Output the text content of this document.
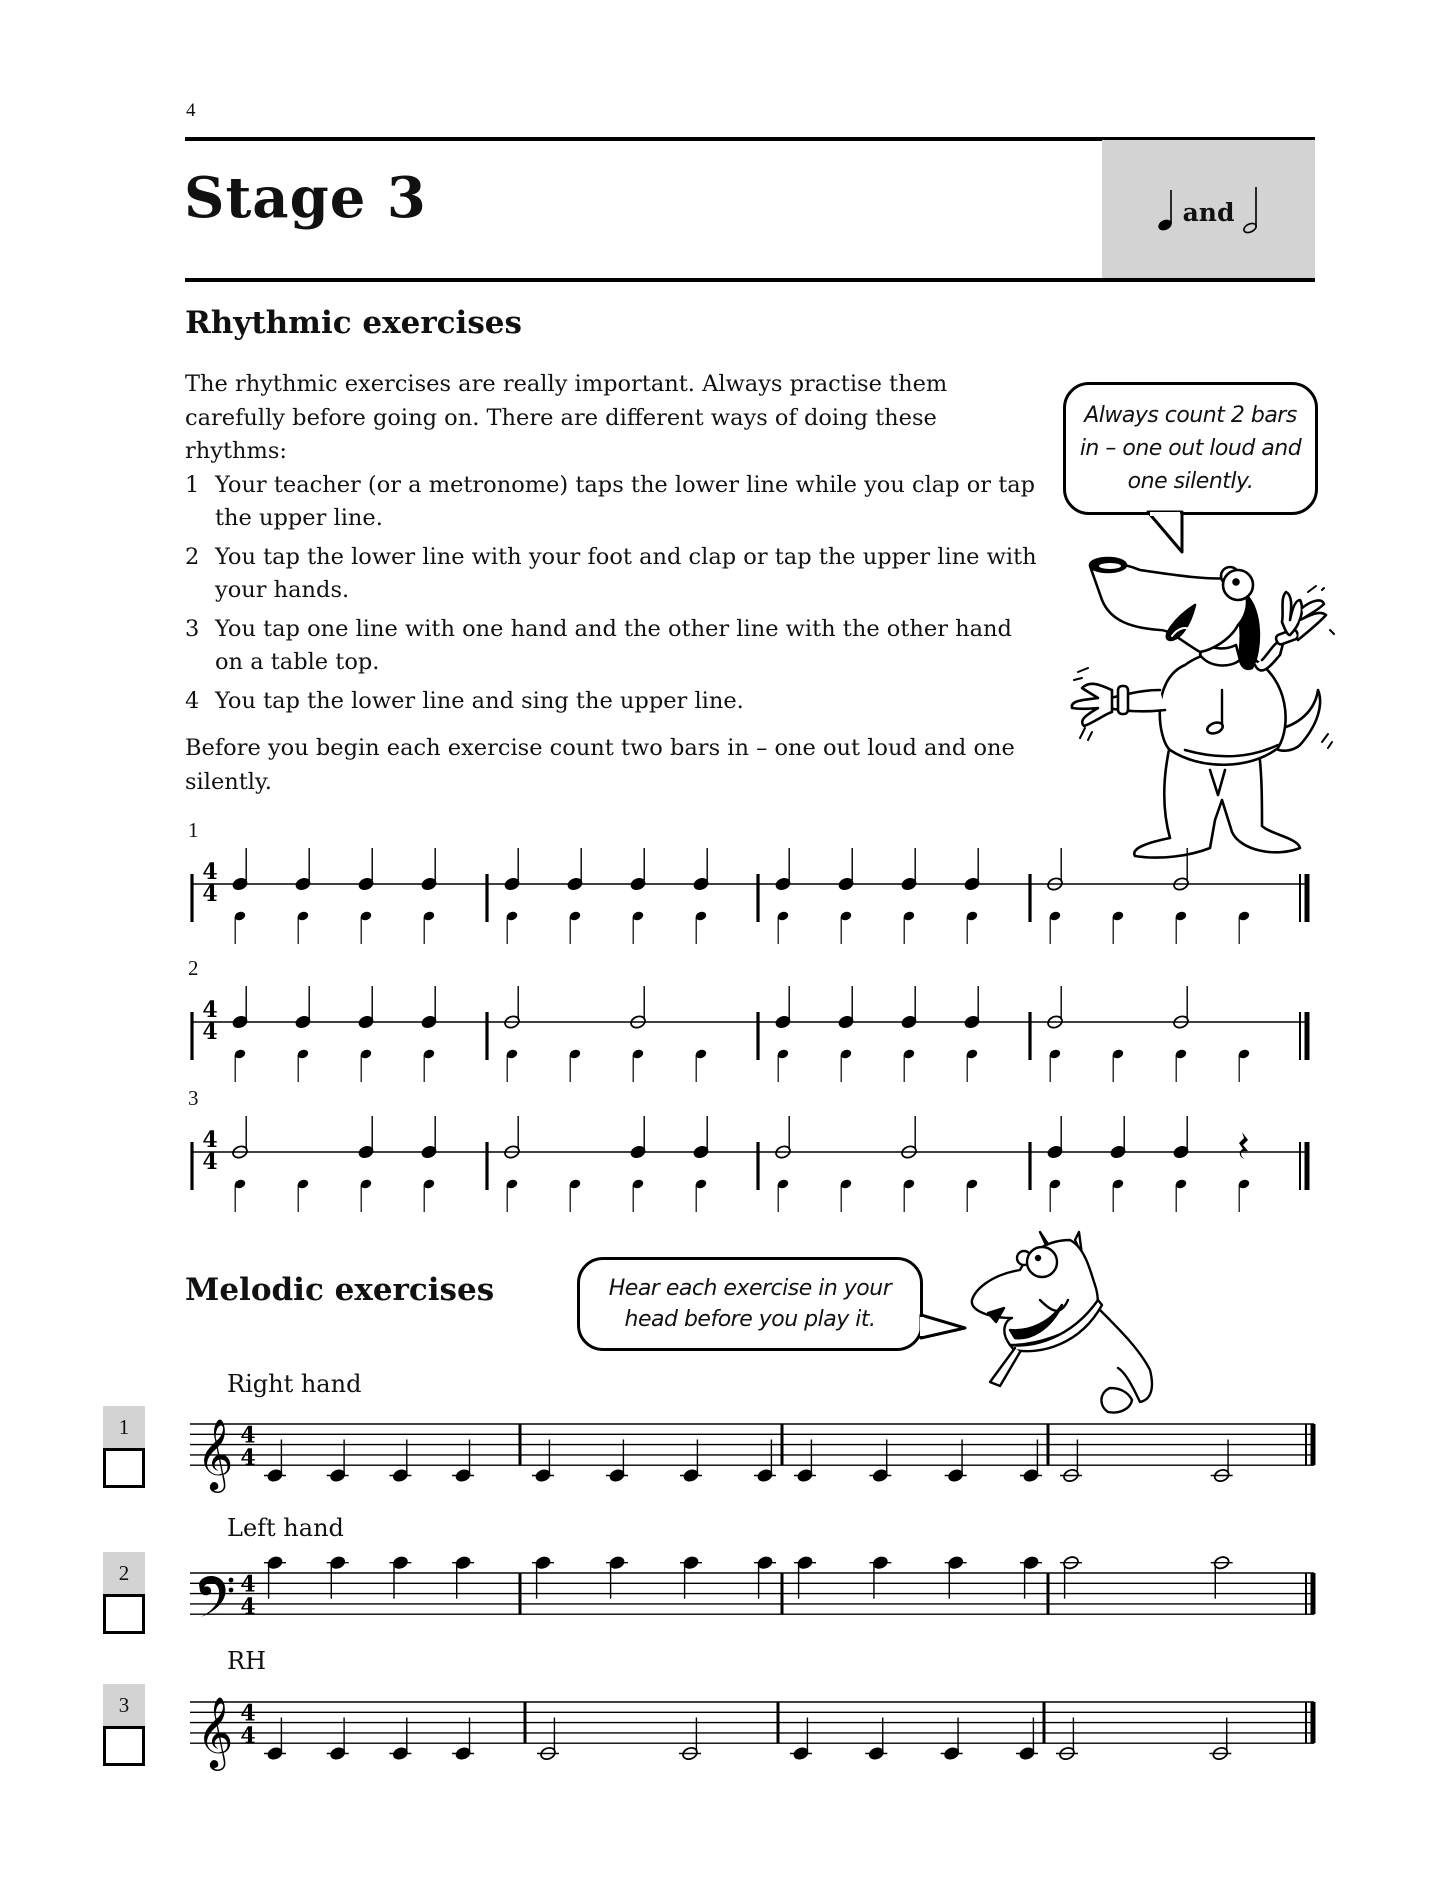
4
Stage 3	and
Rhythmic exercises

The rhythmic exercises are really important. Always practise them carefully before going on. There are different ways of doing these rhythms:

1 Your teacher (or a metronome) taps the lower line while you clap or tap the upper line.
2 You tap the lower line with your foot and clap or tap the upper line with your hands.
3 You tap one line with one hand and the other line with the other hand on a table top.
4 You tap the lower line and sing the upper line.

Before you begin each exercise count two bars in – one out loud and one silently.

Always count 2 bars in – one out loud and one silently.
Hear each exercise in your head before you play it.
Melodic exercises
1
2
3
Right hand
1
Left hand
2
RH
3
4
4
4
4
4
4
𝄞 4
4
4
4
𝄞 4
4
